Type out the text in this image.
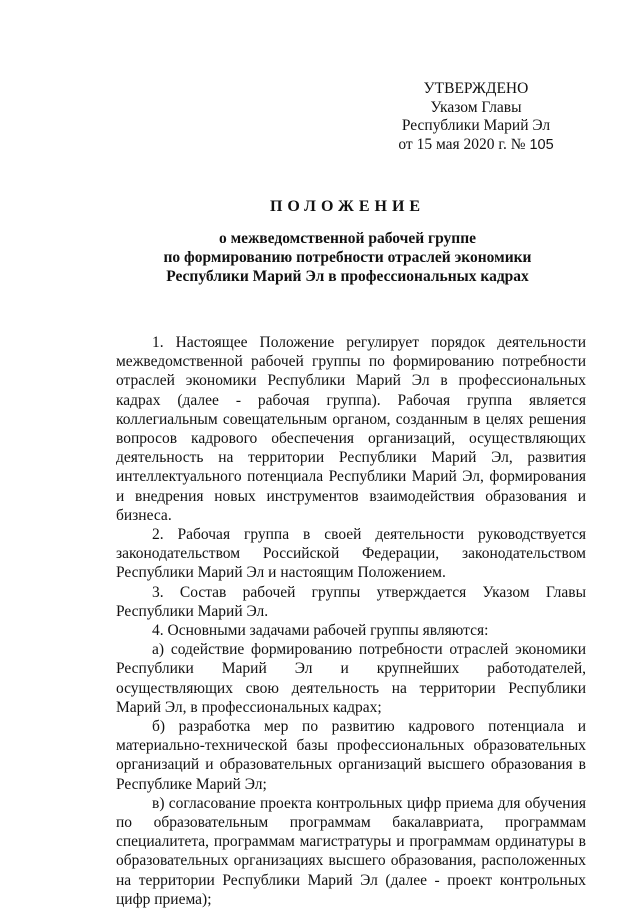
УТВЕРЖДЕНО
Указом Главы
Республики Марий Эл
от 15 мая 2020 г. № 105
ПОЛОЖЕНИЕ
о межведомственной рабочей группе
по формированию потребности отраслей экономики
Республики Марий Эл в профессиональных кадрах

1. Настоящее Положение регулирует порядок деятельности межведомственной рабочей группы по формированию потребности отраслей экономики Республики Марий Эл в профессиональных кадрах (далее - рабочая группа). Рабочая группа является коллегиальным совещательным органом, созданным в целях решения вопросов кадрового обеспечения организаций, осуществляющих деятельность на территории Республики Марий Эл, развития интеллектуального потенциала Республики Марий Эл, формирования и внедрения новых инструментов взаимодействия образования и бизнеса.

2. Рабочая группа в своей деятельности руководствуется законодательством Российской Федерации, законодательством Республики Марий Эл и настоящим Положением.

3. Состав рабочей группы утверждается Указом Главы Республики Марий Эл.

4. Основными задачами рабочей группы являются:

а) содействие формированию потребности отраслей экономики Республики Марий Эл и крупнейших работодателей, осуществляющих свою деятельность на территории Республики Марий Эл, в профессиональных кадрах;

б) разработка мер по развитию кадрового потенциала и материально-технической базы профессиональных образовательных организаций и образовательных организаций высшего образования в Республике Марий Эл;

в) согласование проекта контрольных цифр приема для обучения по образовательным программам бакалавриата, программам специалитета, программам магистратуры и программам ординатуры в образовательных организациях высшего образования, расположенных на территории Республики Марий Эл (далее - проект контрольных цифр приема);
